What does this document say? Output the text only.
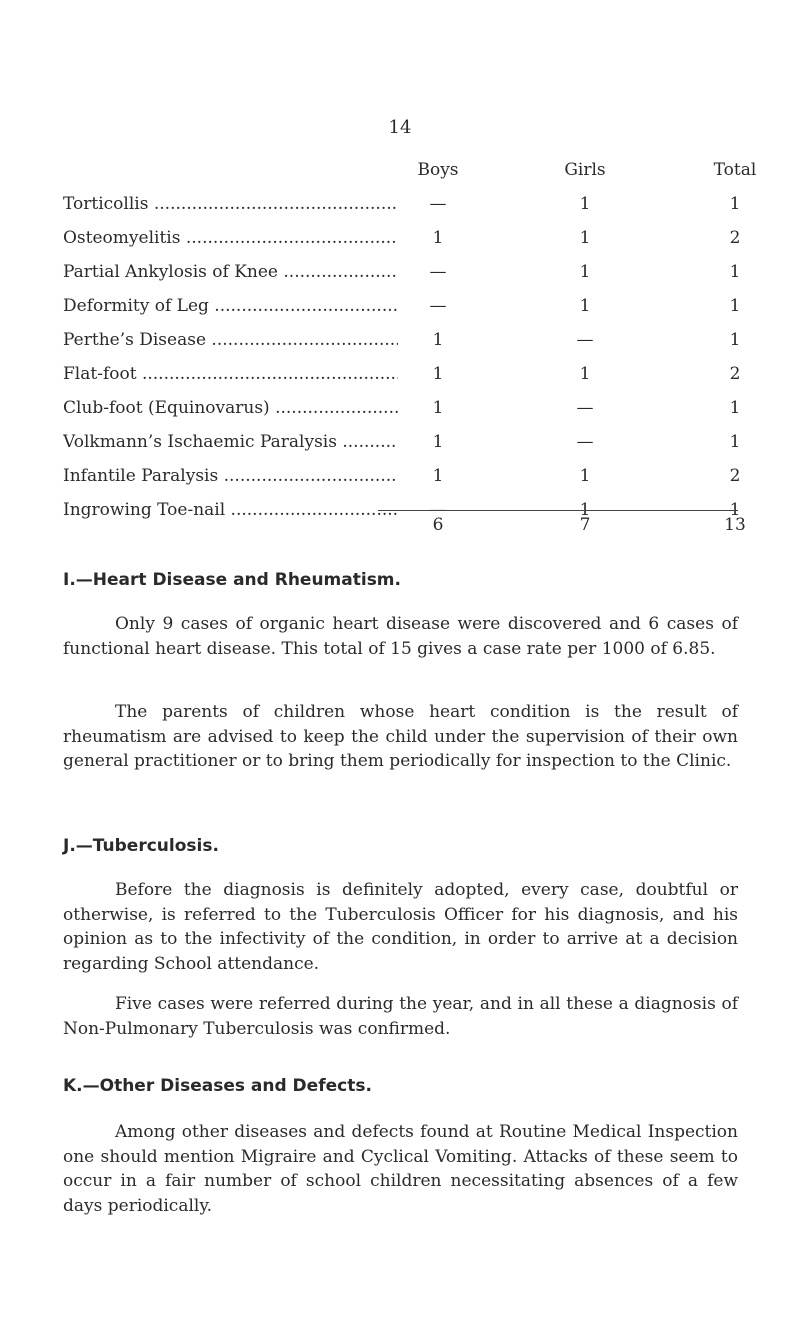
14
Boys	Girls	Total
Torticollis .....	—	1	1
Osteomyelitis .....	1	1	2
Partial Ankylosis of Knee .....	—	1	1
Deformity of Leg .....	—	1	1
Perthe’s Disease .....	1	—	1
Flat-foot .....	1	1	2
Club-foot (Equinovarus) .....	1	—	1
Volkmann’s Ischaemic Paralysis .....	1	—	1
Infantile Paralysis .....	1	1	2
Ingrowing Toe-nail .....	—	1	1
6	7	13
I.—Heart Disease and Rheumatism.

Only 9 cases of organic heart disease were discovered and 6 cases of functional heart disease. This total of 15 gives a case rate per 1000 of 6.85.

The parents of children whose heart condition is the result of rheumatism are advised to keep the child under the supervision of their own general practitioner or to bring them periodically for inspection to the Clinic.

J.—Tuberculosis.

Before the diagnosis is definitely adopted, every case, doubtful or otherwise, is referred to the Tuberculosis Officer for his diagnosis, and his opinion as to the infectivity of the condition, in order to arrive at a decision regarding School attendance.

Five cases were referred during the year, and in all these a diagnosis of Non-Pulmonary Tuberculosis was confirmed.

K.—Other Diseases and Defects.

Among other diseases and defects found at Routine Medical Inspection one should mention Migraire and Cyclical Vomiting. Attacks of these seem to occur in a fair number of school children necessitating absences of a few days periodically.
